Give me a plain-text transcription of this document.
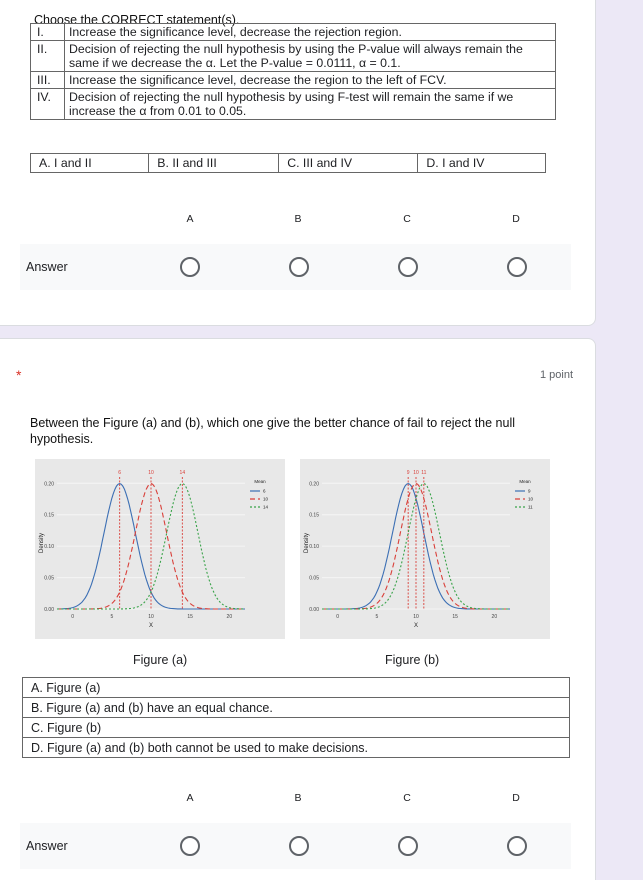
Choose the CORRECT statement(s).
I.	Increase the significance level, decrease the rejection region.
II.	Decision of rejecting the null hypothesis by using the P-value will always remain the same if we decrease the α. Let the P-value = 0.0111, α = 0.1.
III.	Increase the significance level, decrease the region to the left of FCV.
IV.	Decision of rejecting the null hypothesis by using F-test will remain the same if we increase the α from 0.01 to 0.05.
A. I and II	B. II and III	C. III and IV	D. I and IV
A	B	C	D
Answer
*	1 point
Between the Figure (a) and (b), which one give the better chance of fail to reject the null hypothesis.
0.20
0.15
0.10
0.05
0.00
0	5	10	15	20
X
Density
6	10	14
Mean
6
10
14
0.20
0.15
0.10
0.05
0.00
0	5	10	15	20
X
Density
9 10 11
Mean
9
10
11
Figure (a)	Figure (b)
A. Figure (a)
B. Figure (a) and (b) have an equal chance.
C. Figure (b)
D. Figure (a) and (b) both cannot be used to make decisions.
A	B	C	D
Answer
